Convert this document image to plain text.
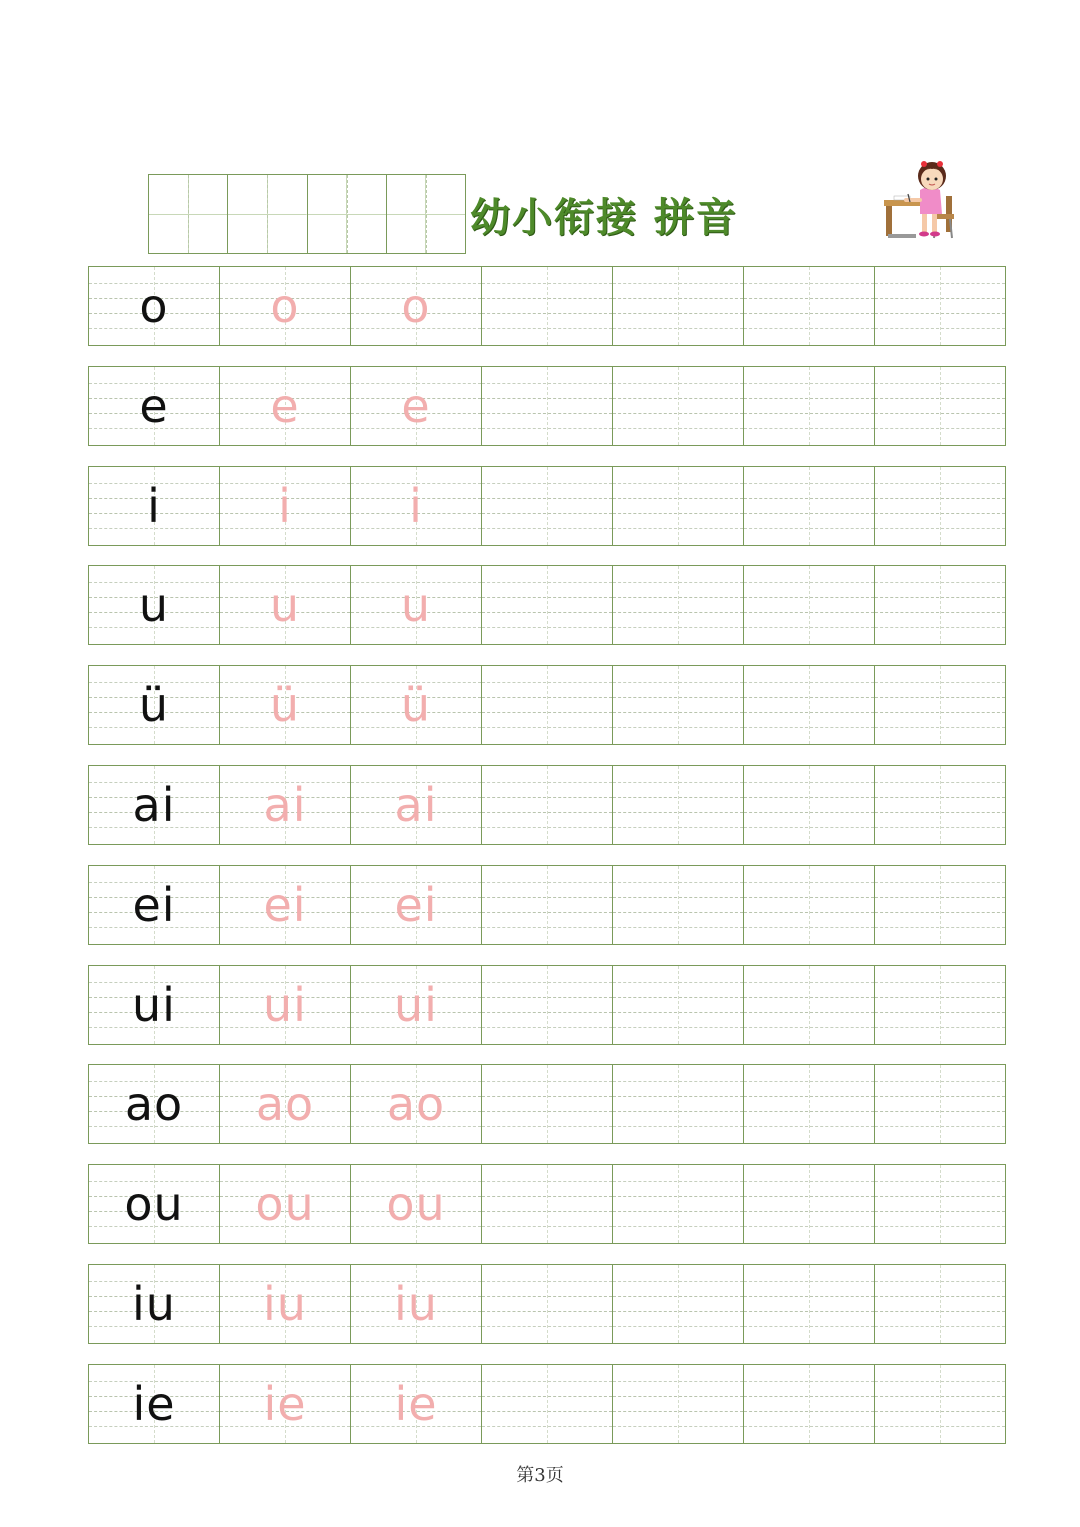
幼小衔接 拼音
o	o	o
e	e	e
i	i	i
u	u	u
ü	ü	ü
ai	ai	ai
ei	ei	ei
ui	ui	ui
ao	ao	ao
ou	ou	ou
iu	iu	iu
ie	ie	ie
第3页
